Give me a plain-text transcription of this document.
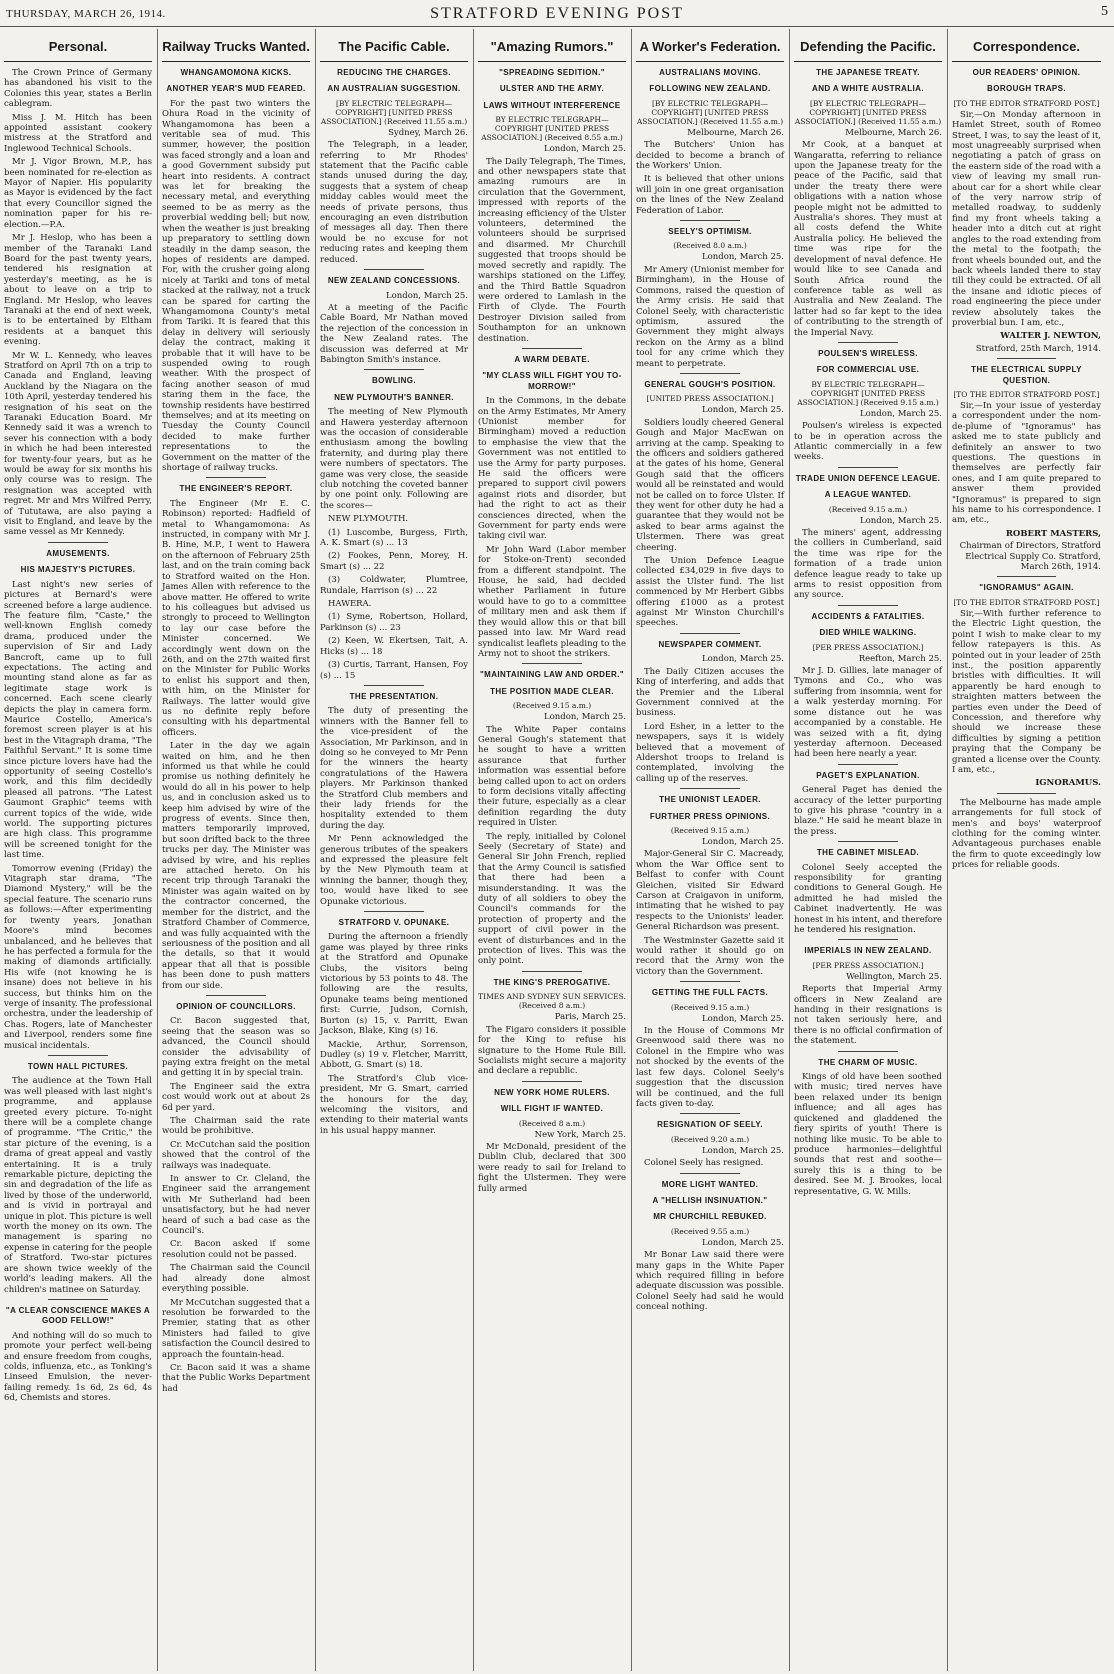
THURSDAY, MARCH 26, 1914.	STRATFORD EVENING POST	5
Personal.

The Crown Prince of Germany has abandoned his visit to the Colonies this year, states a Berlin cablegram.

Miss J. M. Hitch has been appointed assistant cookery mistress at the Stratford and Inglewood Technical Schools.

Mr J. Vigor Brown, M.P., has been nominated for re-election as Mayor of Napier. His popularity as Mayor is evidenced by the fact that every Councillor signed the nomination paper for his re-election.—P.A.

Mr J. Heslop, who has been a member of the Taranaki Land Board for the past twenty years, tendered his resignation at yesterday's meeting, as he is about to leave on a trip to England. Mr Heslop, who leaves Taranaki at the end of next week, is to be entertained by Eltham residents at a banquet this evening.

Mr W. L. Kennedy, who leaves Stratford on April 7th on a trip to Canada and England, leaving Auckland by the Niagara on the 10th April, yesterday tendered his resignation of his seat on the Taranaki Education Board. Mr Kennedy said it was a wrench to sever his connection with a body in which he had been interested for twenty-four years, but as he would be away for six months his only course was to resign. The resignation was accepted with regret. Mr and Mrs Wilfred Perry, of Tututawa, are also paying a visit to England, and leave by the same vessel as Mr Kennedy.

AMUSEMENTS.
HIS MAJESTY'S PICTURES.

Last night's new series of pictures at Bernard's were screened before a large audience. The feature film, "Caste," the well-known English comedy drama, produced under the supervision of Sir and Lady Bancroft, came up to full expectations. The acting and mounting stand alone as far as legitimate stage work is concerned. Each scene clearly depicts the play in camera form. Maurice Costello, America's foremost screen player is at his best in the Vitagraph drama, "The Faithful Servant." It is some time since picture lovers have had the opportunity of seeing Costello's work, and this film decidedly pleased all patrons. "The Latest Gaumont Graphic" teems with current topics of the wide, wide world. The supporting pictures are high class. This programme will be screened tonight for the last time.

Tomorrow evening (Friday) the Vitagraph star drama, "The Diamond Mystery," will be the special feature. The scenario runs as follows:—After experimenting for twenty years, Jonathan Moore's mind becomes unbalanced, and he believes that he has perfected a formula for the making of diamonds artificially. His wife (not knowing he is insane) does not believe in his success, but thinks him on the verge of insanity. The professional orchestra, under the leadership of Chas. Rogers, late of Manchester and Liverpool, renders some fine musical incidentals.

TOWN HALL PICTURES.

The audience at the Town Hall was well pleased with last night's programme, and applause greeted every picture. To-night there will be a complete change of programme. "The Critic," the star picture of the evening, is a drama of great appeal and vastly entertaining. It is a truly remarkable picture, depicting the sin and degradation of the life as lived by those of the underworld, and is vivid in portrayal and unique in plot. This picture is well worth the money on its own. The management is sparing no expense in catering for the people of Stratford. Two-star pictures are shown twice weekly of the world's leading makers. All the children's matinee on Saturday.

"A CLEAR CONSCIENCE MAKES A GOOD FELLOW!"

And nothing will do so much to promote your perfect well-being and ensure freedom from coughs, colds, influenza, etc., as Tonking's Linseed Emulsion, the never-failing remedy. 1s 6d, 2s 6d, 4s 6d, Chemists and stores.

Railway Trucks Wanted.
WHANGAMOMONA KICKS.
ANOTHER YEAR'S MUD FEARED.

For the past two winters the Ohura Road in the vicinity of Whangamomona has been a veritable sea of mud. This summer, however, the position was faced strongly and a loan and a good Government subsidy put heart into residents. A contract was let for breaking the necessary metal, and everything seemed to be as merry as the proverbial wedding bell; but now, when the weather is just breaking up preparatory to settling down steadily in the damp season, the hopes of residents are damped. For, with the crusher going along nicely at Tariki and tons of metal stacked at the railway, not a truck can be spared for carting the Whangamomona County's metal from Tariki. It is feared that this delay in delivery will seriously delay the contract, making it probable that it will have to be suspended owing to rough weather. With the prospect of facing another season of mud staring them in the face, the township residents have bestirred themselves; and at its meeting on Tuesday the County Council decided to make further representations to the Government on the matter of the shortage of railway trucks.

THE ENGINEER'S REPORT.

The Engineer (Mr E. C. Robinson) reported: Hadfield of metal to Whangamomona: As instructed, in company with Mr J. B. Hine, M.P., I went to Hawera on the afternoon of February 25th last, and on the train coming back to Stratford waited on the Hon. James Allen with reference to the above matter. He offered to write to his colleagues but advised us strongly to proceed to Wellington to lay our case before the Minister concerned. We accordingly went down on the 26th, and on the 27th waited first on the Minister for Public Works to enlist his support and then, with him, on the Minister for Railways. The latter would give us no definite reply before consulting with his departmental officers.

Later in the day we again waited on him, and he then informed us that while he could promise us nothing definitely he would do all in his power to help us, and in conclusion asked us to keep him advised by wire of the progress of events. Since then, matters temporarily improved, but soon drifted back to the three trucks per day. The Minister was advised by wire, and his replies are attached hereto. On his recent trip through Taranaki the Minister was again waited on by the contractor concerned, the member for the district, and the Stratford Chamber of Commerce, and was fully acquainted with the seriousness of the position and all the details, so that it would appear that all that is possible has been done to push matters from our side.

OPINION OF COUNCILLORS.

Cr. Bacon suggested that, seeing that the season was so advanced, the Council should consider the advisability of paying extra freight on the metal and getting it in by special train.

The Engineer said the extra cost would work out at about 2s 6d per yard.

The Chairman said the rate would be prohibitive.

Cr. McCutchan said the position showed that the control of the railways was inadequate.

In answer to Cr. Cleland, the Engineer said the arrangement with Mr Sutherland had been unsatisfactory, but he had never heard of such a bad case as the Council's.

Cr. Bacon asked if some resolution could not be passed.

The Chairman said the Council had already done almost everything possible.

Mr McCutchan suggested that a resolution be forwarded to the Premier, stating that as other Ministers had failed to give satisfaction the Council desired to approach the fountain-head.

Cr. Bacon said it was a shame that the Public Works Department had

The Pacific Cable.
REDUCING THE CHARGES.
AN AUSTRALIAN SUGGESTION.
[BY ELECTRIC TELEGRAPH—COPYRIGHT] [UNITED PRESS ASSOCIATION.] (Received 11.55 a.m.)
Sydney, March 26.

The Telegraph, in a leader, referring to Mr Rhodes' statement that the Pacific cable stands unused during the day, suggests that a system of cheap midday cables would meet the needs of private persons, thus encouraging an even distribution of messages all day. Then there would be no excuse for not reducing rates and keeping them reduced.

NEW ZEALAND CONCESSIONS.
London, March 25.

At a meeting of the Pacific Cable Board, Mr Nathan moved the rejection of the concession in the New Zealand rates. The discussion was deferred at Mr Babington Smith's instance.

BOWLING.
NEW PLYMOUTH'S BANNER.

The meeting of New Plymouth and Hawera yesterday afternoon was the occasion of considerable enthusiasm among the bowling fraternity, and during play there were numbers of spectators. The game was very close, the seaside club notching the coveted banner by one point only. Following are the scores—

NEW PLYMOUTH.
(1) Luscombe, Burgess, Firth, A. K. Smart (s) ... 13
(2) Fookes, Penn, Morey, H. Smart (s) ... 22
(3) Coldwater, Plumtree, Rundale, Harrison (s) ... 22
HAWERA.
(1) Syme, Robertson, Hollard, Parkinson (s) ... 23
(2) Keen, W. Ekertsen, Tait, A. Hicks (s) ... 18
(3) Curtis, Tarrant, Hansen, Foy (s) ... 15
THE PRESENTATION.

The duty of presenting the winners with the Banner fell to the vice-president of the Association, Mr Parkinson, and in doing so he conveyed to Mr Penn for the winners the hearty congratulations of the Hawera players. Mr Parkinson thanked the Stratford Club members and their lady friends for the hospitality extended to them during the day.

Mr Penn acknowledged the generous tributes of the speakers and expressed the pleasure felt by the New Plymouth team at winning the banner, though they, too, would have liked to see Opunake victorious.

STRATFORD V. OPUNAKE.

During the afternoon a friendly game was played by three rinks at the Stratford and Opunake Clubs, the visitors being victorious by 53 points to 48. The following are the results, Opunake teams being mentioned first: Currie, Judson, Cornish, Burton (s) 15, v. Parritt, Ewan Jackson, Blake, King (s) 16.

Mackie, Arthur, Sorrenson, Dudley (s) 19 v. Fletcher, Marritt, Abbott, G. Smart (s) 18.

The Stratford's Club vice-president, Mr G. Smart, carried the honours for the day, welcoming the visitors, and extending to their material wants in his usual happy manner.

"Amazing Rumors."
"SPREADING SEDITION."
ULSTER AND THE ARMY.
LAWS WITHOUT INTERFERENCE
BY ELECTRIC TELEGRAPH—COPYRIGHT [UNITED PRESS ASSOCIATION.] (Received 8.55 a.m.)
London, March 25.

The Daily Telegraph, The Times, and other newspapers state that amazing rumours are in circulation that the Government, impressed with reports of the increasing efficiency of the Ulster volunteers, determined the volunteers should be surprised and disarmed. Mr Churchill suggested that troops should be moved secretly and rapidly. The warships stationed on the Liffey, and the Third Battle Squadron were ordered to Lamlash in the Firth of Clyde. The Fourth Destroyer Division sailed from Southampton for an unknown destination.

A WARM DEBATE.
"MY CLASS WILL FIGHT YOU TO-MORROW!"

In the Commons, in the debate on the Army Estimates, Mr Amery (Unionist member for Birmingham) moved a reduction to emphasise the view that the Government was not entitled to use the Army for party purposes. He said the officers were prepared to support civil powers against riots and disorder, but had the right to act as their consciences directed, when the Government for party ends were taking civil war.

Mr John Ward (Labor member for Stoke-on-Trent) seconded from a different standpoint. The House, he said, had decided whether Parliament in future would have to go to a committee of military men and ask them if they would allow this or that bill passed into law. Mr Ward read syndicalist leaflets pleading to the Army not to shoot the strikers.

"MAINTAINING LAW AND ORDER."
THE POSITION MADE CLEAR.
(Received 9.15 a.m.)
London, March 25.

The White Paper contains General Gough's statement that he sought to have a written assurance that further information was essential before being called upon to act on orders to form decisions vitally affecting their future, especially as a clear definition regarding the duty required in Ulster.

The reply, initialled by Colonel Seely (Secretary of State) and General Sir John French, replied that the Army Council is satisfied that there had been a misunderstanding. It was the duty of all soldiers to obey the Council's commands for the protection of property and the support of civil power in the event of disturbances and in the protection of lives. This was the only point.

THE KING'S PREROGATIVE.
TIMES AND SYDNEY SUN SERVICES. (Received 8 a.m.)
Paris, March 25.

The Figaro considers it possible for the King to refuse his signature to the Home Rule Bill. Socialists might secure a majority and declare a republic.

NEW YORK HOME RULERS.
WILL FIGHT IF WANTED.
(Received 8 a.m.)
New York, March 25.

Mr McDonald, president of the Dublin Club, declared that 300 were ready to sail for Ireland to fight the Ulstermen. They were fully armed

A Worker's Federation.
AUSTRALIANS MOVING.
FOLLOWING NEW ZEALAND.
[BY ELECTRIC TELEGRAPH—COPYRIGHT] [UNITED PRESS ASSOCIATION.] (Received 11.55 a.m.)
Melbourne, March 26.

The Butchers' Union has decided to become a branch of the Workers' Union.

It is believed that other unions will join in one great organisation on the lines of the New Zealand Federation of Labor.

SEELY'S OPTIMISM.
(Received 8.0 a.m.)
London, March 25.

Mr Amery (Unionist member for Birmingham), in the House of Commons, raised the question of the Army crisis. He said that Colonel Seely, with characteristic optimism, assured the Government they might always reckon on the Army as a blind tool for any crime which they meant to perpetrate.

GENERAL GOUGH'S POSITION.
[UNITED PRESS ASSOCIATION.]
London, March 25.

Soldiers loudly cheered General Gough and Major MacEwan on arriving at the camp. Speaking to the officers and soldiers gathered at the gates of his home, General Gough said that the officers would all be reinstated and would not be called on to force Ulster. If they went for other duty he had a guarantee that they would not be asked to bear arms against the Ulstermen. There was great cheering.

The Union Defence League collected £34,029 in five days to assist the Ulster fund. The list commenced by Mr Herbert Gibbs offering £1000 as a protest against Mr Winston Churchill's speeches.

NEWSPAPER COMMENT.
London, March 25.

The Daily Citizen accuses the King of interfering, and adds that the Premier and the Liberal Government connived at the business.

Lord Esher, in a letter to the newspapers, says it is widely believed that a movement of Aldershot troops to Ireland is contemplated, involving the calling up of the reserves.

THE UNIONIST LEADER.
FURTHER PRESS OPINIONS.
(Received 9.15 a.m.)
London, March 25.

Major-General Sir C. Macready, whom the War Office sent to Belfast to confer with Count Gleichen, visited Sir Edward Carson at Craigavon in uniform, intimating that he wished to pay respects to the Unionists' leader. General Richardson was present.

The Westminster Gazette said it would rather it should go on record that the Army won the victory than the Government.

GETTING THE FULL FACTS.
(Received 9.15 a.m.)
London, March 25.

In the House of Commons Mr Greenwood said there was no Colonel in the Empire who was not shocked by the events of the last few days. Colonel Seely's suggestion that the discussion will be continued, and the full facts given to-day.

RESIGNATION OF SEELY.
(Received 9.20 a.m.)
London, March 25.

Colonel Seely has resigned.

MORE LIGHT WANTED.
A "HELLISH INSINUATION."
MR CHURCHILL REBUKED.
(Received 9.55 a.m.)
London, March 25.

Mr Bonar Law said there were many gaps in the White Paper which required filling in before adequate discussion was possible. Colonel Seely had said he would conceal nothing.

Defending the Pacific.
THE JAPANESE TREATY.
AND A WHITE AUSTRALIA.
[BY ELECTRIC TELEGRAPH—COPYRIGHT] [UNITED PRESS ASSOCIATION.] (Received 11.55 a.m.)
Melbourne, March 26.

Mr Cook, at a banquet at Wangaratta, referring to reliance upon the Japanese treaty for the peace of the Pacific, said that under the treaty there were obligations with a nation whose people might not be admitted to Australia's shores. They must at all costs defend the White Australia policy. He believed the time was ripe for the development of naval defence. He would like to see Canada and South Africa round the conference table as well as Australia and New Zealand. The latter had so far kept to the idea of contributing to the strength of the Imperial Navy.

POULSEN'S WIRELESS.
FOR COMMERCIAL USE.
BY ELECTRIC TELEGRAPH—COPYRIGHT [UNITED PRESS ASSOCIATION.] (Received 9.15 a.m.)
London, March 25.

Poulsen's wireless is expected to be in operation across the Atlantic commercially in a few weeks.

TRADE UNION DEFENCE LEAGUE.
A LEAGUE WANTED.
(Received 9.15 a.m.)
London, March 25.

The miners' agent, addressing the colliers in Cumberland, said the time was ripe for the formation of a trade union defence league ready to take up arms to resist opposition from any source.

ACCIDENTS & FATALITIES.
DIED WHILE WALKING.
[PER PRESS ASSOCIATION.]
Reefton, March 25.

Mr J. D. Gillies, late manager of Tymons and Co., who was suffering from insomnia, went for a walk yesterday morning. For some distance out he was accompanied by a constable. He was seized with a fit, dying yesterday afternoon. Deceased had been here nearly a year.

PAGET'S EXPLANATION.

General Paget has denied the accuracy of the letter purporting to give his phrase "country in a blaze." He said he meant blaze in the press.

THE CABINET MISLEAD.

Colonel Seely accepted the responsibility for granting conditions to General Gough. He admitted he had misled the Cabinet inadvertently. He was honest in his intent, and therefore he tendered his resignation.

IMPERIALS IN NEW ZEALAND.
[PER PRESS ASSOCIATION.]
Wellington, March 25.

Reports that Imperial Army officers in New Zealand are handing in their resignations is not taken seriously here, and there is no official confirmation of the statement.

THE CHARM OF MUSIC.

Kings of old have been soothed with music; tired nerves have been relaxed under its benign influence; and all ages has quickened and gladdened the fiery spirits of youth! There is nothing like music. To be able to produce harmonies—delightful sounds that rest and soothe—surely this is a thing to be desired. See M. J. Brookes, local representative, G. W. Mills.

Correspondence.
OUR READERS' OPINION.
BOROUGH TRAPS.
[TO THE EDITOR STRATFORD POST.]

Sir,—On Monday afternoon in Hamlet Street, south of Romeo Street, I was, to say the least of it, most unagreeably surprised when negotiating a patch of grass on the eastern side of the road with a view of leaving my small run-about car for a short while clear of the very narrow strip of metalled roadway, to suddenly find my front wheels taking a header into a ditch cut at right angles to the road extending from the metal to the footpath; the front wheels bounded out, and the back wheels landed there to stay till they could be extracted. Of all the insane and idiotic pieces of road engineering the piece under review absolutely takes the proverbial bun. I am, etc.,

WALTER J. NEWTON,
Stratford, 25th March, 1914.
THE ELECTRICAL SUPPLY QUESTION.
[TO THE EDITOR STRATFORD POST.]

Sir,—In your issue of yesterday a correspondent under the nom-de-plume of "Ignoramus" has asked me to state publicly and definitely an answer to two questions. The questions in themselves are perfectly fair ones, and I am quite prepared to answer them provided "Ignoramus" is prepared to sign his name to his correspondence. I am, etc.,

ROBERT MASTERS,
Chairman of Directors, Stratford Electrical Supply Co. Stratford, March 26th, 1914.
"IGNORAMUS" AGAIN.
[TO THE EDITOR STRATFORD POST.]

Sir,—With further reference to the Electric Light question, the point I wish to make clear to my fellow ratepayers is this. As pointed out in your leader of 25th inst., the position apparently bristles with difficulties. It will apparently be hard enough to straighten matters between the parties even under the Deed of Concession, and therefore why should we increase these difficulties by signing a petition praying that the Company be granted a license over the County. I am, etc.,

IGNORAMUS.

The Melbourne has made ample arrangements for full stock of men's and boys' waterproof clothing for the coming winter. Advantageous purchases enable the firm to quote exceedingly low prices for reliable goods.
